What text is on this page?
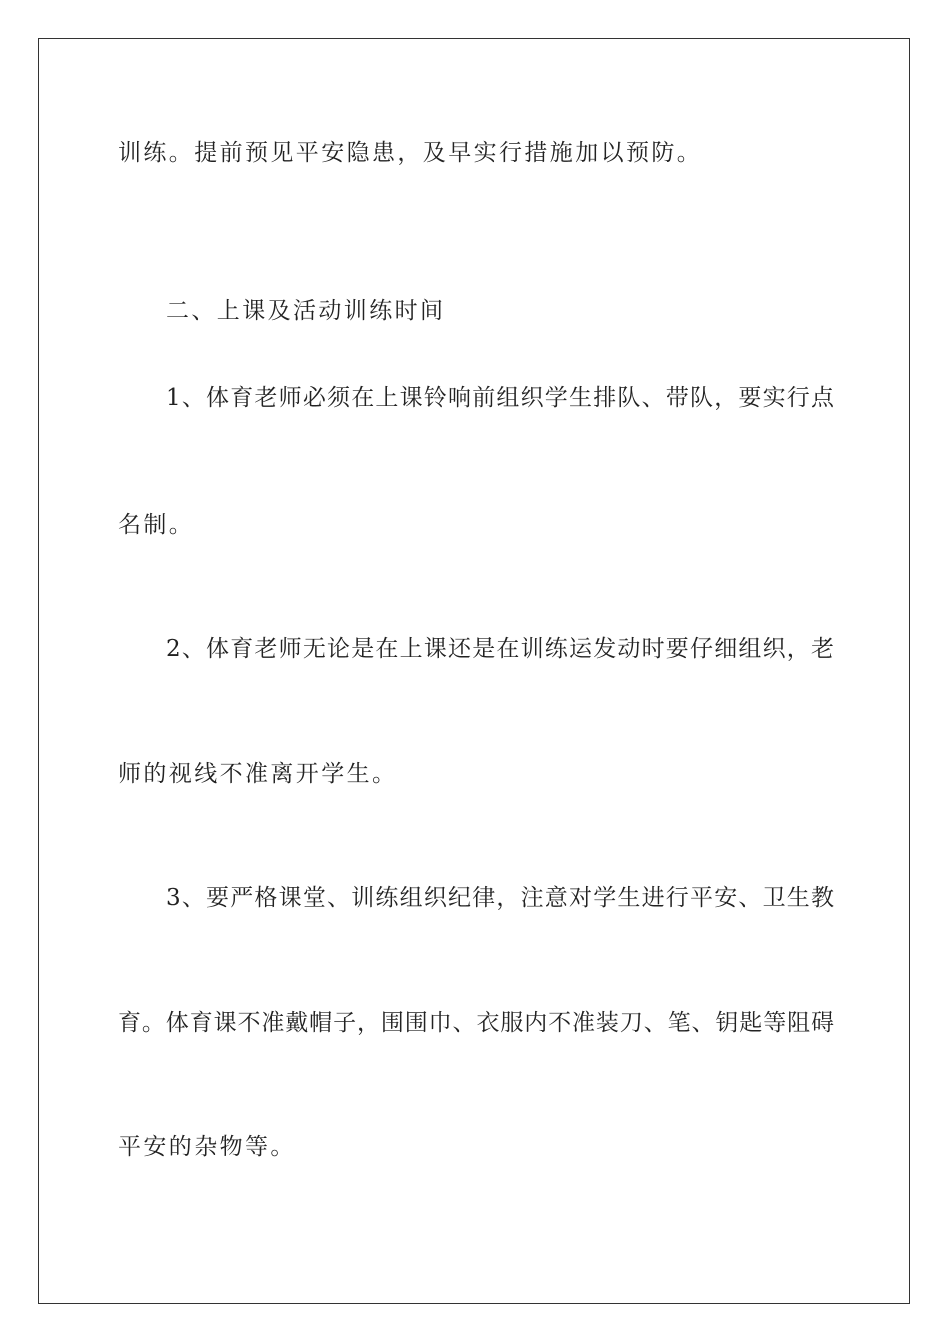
训练。提前预见平安隐患，及早实行措施加以预防。

二、上课及活动训练时间

1、体育老师必须在上课铃响前组织学生排队、带队，要实行点

名制。

2、体育老师无论是在上课还是在训练运发动时要仔细组织，老

师的视线不准离开学生。

3、要严格课堂、训练组织纪律，注意对学生进行平安、卫生教

育。体育课不准戴帽子，围围巾、衣服内不准装刀、笔、钥匙等阻碍

平安的杂物等。
